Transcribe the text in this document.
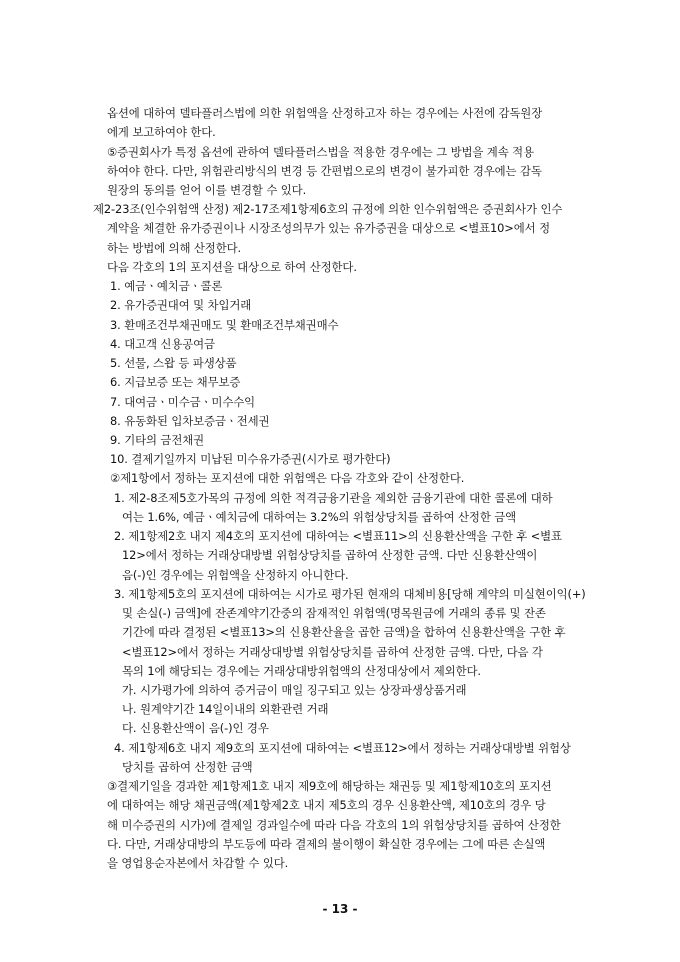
옵션에 대하여 델타플러스법에 의한 위험액을 산정하고자 하는 경우에는 사전에 감독원장
에게 보고하여야 한다.
⑤증권회사가 특정 옵션에 관하여 델타플러스법을 적용한 경우에는 그 방법을 계속 적용
하여야 한다. 다만, 위험관리방식의 변경 등 간편법으로의 변경이 불가피한 경우에는 감독
원장의 동의를 얻어 이를 변경할 수 있다.
제2-23조(인수위험액 산정) 제2-17조제1항제6호의 규정에 의한 인수위험액은 증권회사가 인수
계약을 체결한 유가증권이나 시장조성의무가 있는 유가증권을 대상으로 <별표10>에서 정
하는 방법에 의해 산정한다.
다음 각호의 1의 포지션을 대상으로 하여 산정한다.
1. 예금ㆍ예치금ㆍ콜론
2. 유가증권대여 및 차입거래
3. 환매조건부채권매도 및 환매조건부채권매수
4. 대고객 신용공여금
5. 선물, 스왑 등 파생상품
6. 지급보증 또는 채무보증
7. 대여금ㆍ미수금ㆍ미수수익
8. 유동화된 입차보증금ㆍ전세권
9. 기타의 금전채권
10. 결제기일까지 미납된 미수유가증권(시가로 평가한다)
②제1항에서 정하는 포지션에 대한 위험액은 다음 각호와 같이 산정한다.
1. 제2-8조제5호가목의 규정에 의한 적격금융기관을 제외한 금융기관에 대한 콜론에 대하
여는 1.6%, 예금ㆍ예치금에 대하여는 3.2%의 위험상당치를 곱하여 산정한 금액
2. 제1항제2호 내지 제4호의 포지션에 대하여는 <별표11>의 신용환산액을 구한 후 <별표
12>에서 정하는 거래상대방별 위험상당치를 곱하여 산정한 금액. 다만 신용환산액이
음(-)인 경우에는 위험액을 산정하지 아니한다.
3. 제1항제5호의 포지션에 대하여는 시가로 평가된 현재의 대체비용[당해 계약의 미실현이익(+)
및 손실(-) 금액]에 잔존계약기간중의 잠재적인 위험액(명목원금에 거래의 종류 및 잔존
기간에 따라 결정된 <별표13>의 신용환산율을 곱한 금액)을 합하여 신용환산액을 구한 후
<별표12>에서 정하는 거래상대방별 위험상당치를 곱하여 산정한 금액. 다만, 다음 각
목의 1에 해당되는 경우에는 거래상대방위험액의 산정대상에서 제외한다.
가. 시가평가에 의하여 증거금이 매일 징구되고 있는 상장파생상품거래
나. 원계약기간 14일이내의 외환관련 거래
다. 신용환산액이 음(-)인 경우
4. 제1항제6호 내지 제9호의 포지션에 대하여는 <별표12>에서 정하는 거래상대방별 위험상
당치를 곱하여 산정한 금액
③결제기일을 경과한 제1항제1호 내지 제9호에 해당하는 채권등 및 제1항제10호의 포지션
에 대하여는 해당 채권금액(제1항제2호 내지 제5호의 경우 신용환산액, 제10호의 경우 당
해 미수증권의 시가)에 결제일 경과일수에 따라 다음 각호의 1의 위험상당치를 곱하여 산정한
다. 다만, 거래상대방의 부도등에 따라 결제의 불이행이 확실한 경우에는 그에 따른 손실액
을 영업용순자본에서 차감할 수 있다.
- 13 -
